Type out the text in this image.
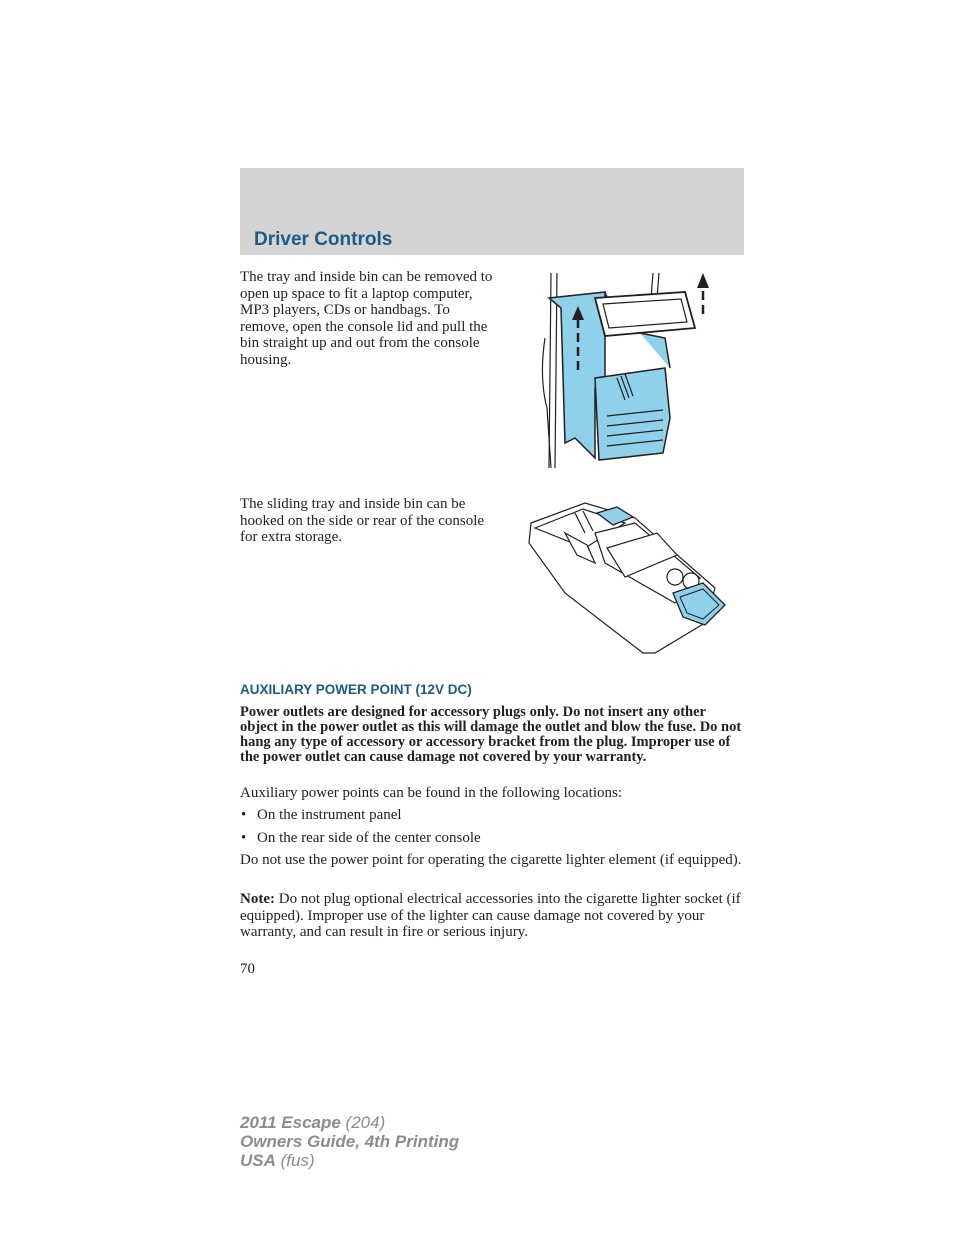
Driver Controls

The tray and inside bin can be removed to open up space to fit a laptop computer, MP3 players, CDs or handbags. To remove, open the console lid and pull the bin straight up and out from the console housing.

The sliding tray and inside bin can be hooked on the side or rear of the console for extra storage.

AUXILIARY POWER POINT (12V DC)

Power outlets are designed for accessory plugs only. Do not insert any other object in the power outlet as this will damage the outlet and blow the fuse. Do not hang any type of accessory or accessory bracket from the plug. Improper use of the power outlet can cause damage not covered by your warranty.

Auxiliary power points can be found in the following locations:

• On the instrument panel
• On the rear side of the center console

Do not use the power point for operating the cigarette lighter element (if equipped).

Note: Do not plug optional electrical accessories into the cigarette lighter socket (if equipped). Improper use of the lighter can cause damage not covered by your warranty, and can result in fire or serious injury.

70

2011 Escape (204)
Owners Guide, 4th Printing
USA (fus)
